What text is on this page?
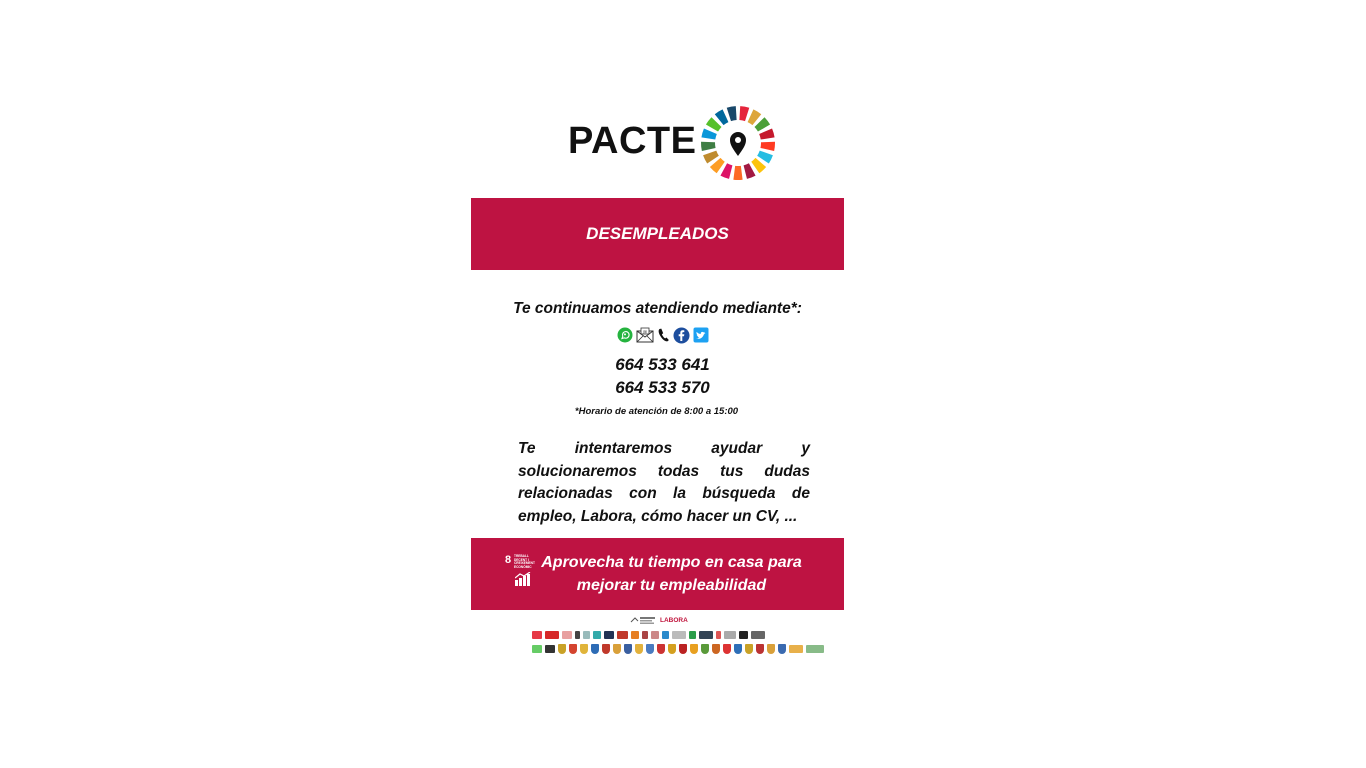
PACTE
DESEMPLEADOS
Te continuamos atendiendo mediante*:
@
664 533 641
664 533 570
*Horario de atención de 8:00 a 15:00
Te intentaremos ayudar y solucionaremos todas tus dudas relacionadas con la búsqueda de empleo, Labora, cómo hacer un CV, ...
8 TREBALL DECENT I CREIXEMENT ECONÒMIC Aprovecha tu tiempo en casa para
mejorar tu empleabilidad
LABORA
